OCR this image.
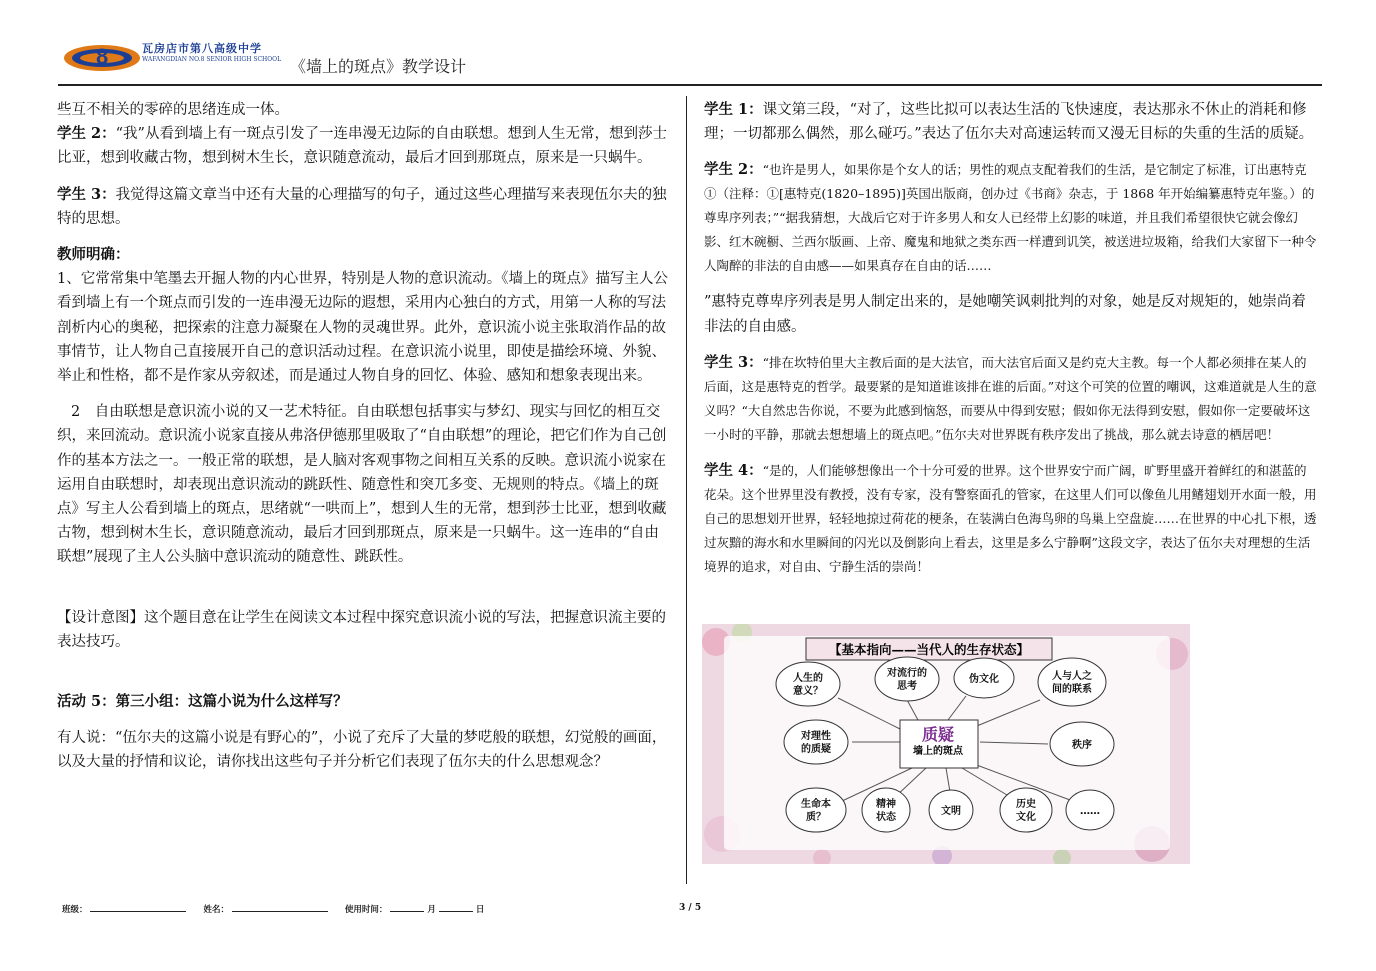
8	瓦房店市第八高级中学
WAFANGDIAN NO.8 SENIOR HIGH SCHOOL 《墙上的斑点》教学设计

些互不相关的零碎的思绪连成一体。

学生 2：“我”从看到墙上有一斑点引发了一连串漫无边际的自由联想。想到人生无常，想到莎士比亚，想到收藏古物，想到树木生长，意识随意流动，最后才回到那斑点，原来是一只蜗牛。

学生 3：我觉得这篇文章当中还有大量的心理描写的句子，通过这些心理描写来表现伍尔夫的独特的思想。

教师明确：

1、它常常集中笔墨去开掘人物的内心世界，特别是人物的意识流动。《墙上的斑点》描写主人公看到墙上有一个斑点而引发的一连串漫无边际的遐想，采用内心独白的方式，用第一人称的写法剖析内心的奥秘，把探索的注意力凝聚在人物的灵魂世界。此外，意识流小说主张取消作品的故事情节，让人物自己直接展开自己的意识活动过程。在意识流小说里，即使是描绘环境、外貌、举止和性格，都不是作家从旁叙述，而是通过人物自身的回忆、体验、感知和想象表现出来。

2　自由联想是意识流小说的又一艺术特征。自由联想包括事实与梦幻、现实与回忆的相互交织，来回流动。意识流小说家直接从弗洛伊德那里吸取了“自由联想”的理论，把它们作为自己创作的基本方法之一。一般正常的联想，是人脑对客观事物之间相互关系的反映。意识流小说家在运用自由联想时，却表现出意识流动的跳跃性、随意性和突兀多变、无规则的特点。《墙上的斑点》写主人公看到墙上的斑点，思绪就“一哄而上”，想到人生的无常，想到莎士比亚，想到收藏古物，想到树木生长，意识随意流动，最后才回到那斑点，原来是一只蜗牛。这一连串的“自由联想”展现了主人公头脑中意识流动的随意性、跳跃性。

【设计意图】这个题目意在让学生在阅读文本过程中探究意识流小说的写法，把握意识流主要的表达技巧。

活动 5：第三小组：这篇小说为什么这样写？

有人说：“伍尔夫的这篇小说是有野心的”，小说了充斥了大量的梦呓般的联想，幻觉般的画面，以及大量的抒情和议论，请你找出这些句子并分析它们表现了伍尔夫的什么思想观念？

学生 1：课文第三段，“对了，这些比拟可以表达生活的飞快速度，表达那永不休止的消耗和修理；一切都那么偶然，那么碰巧。”表达了伍尔夫对高速运转而又漫无目标的失重的生活的质疑。

学生 2：“也许是男人，如果你是个女人的话；男性的观点支配着我们的生活，是它制定了标准，订出惠特克①（注释：①[惠特克(1820–1895)]英国出版商，创办过《书商》杂志，于 1868 年开始编纂惠特克年鉴。）的尊卑序列表；”“据我猜想，大战后它对于许多男人和女人已经带上幻影的味道，并且我们希望很快它就会像幻影、红木碗橱、兰西尔版画、上帝、魔鬼和地狱之类东西一样遭到讥笑，被送进垃圾箱，给我们大家留下一种令人陶醉的非法的自由感——如果真存在自由的话……

”惠特克尊卑序列表是男人制定出来的，是她嘲笑讽刺批判的对象，她是反对规矩的，她崇尚着非法的自由感。

学生 3：“排在坎特伯里大主教后面的是大法官，而大法官后面又是约克大主教。每一个人都必须排在某人的后面，这是惠特克的哲学。最要紧的是知道谁该排在谁的后面。”对这个可笑的位置的嘲讽，这难道就是人生的意义吗？“大自然忠告你说，不要为此感到恼怒，而要从中得到安慰；假如你无法得到安慰，假如你一定要破坏这一小时的平静，那就去想想墙上的斑点吧。”伍尔夫对世界既有秩序发出了挑战，那么就去诗意的栖居吧！

学生 4：“是的，人们能够想像出一个十分可爱的世界。这个世界安宁而广阔，旷野里盛开着鲜红的和湛蓝的花朵。这个世界里没有教授，没有专家，没有警察面孔的管家，在这里人们可以像鱼儿用鳍翅划开水面一般，用自己的思想划开世界，轻轻地掠过荷花的梗条，在装满白色海鸟卵的鸟巢上空盘旋……在世界的中心扎下根，透过灰黯的海水和水里瞬间的闪光以及倒影向上看去，这里是多么宁静啊”这段文字，表达了伍尔夫对理想的生活境界的追求，对自由、宁静生活的崇尚！

【基本指向——当代人的生存状态】
质疑
墙上的斑点
人生的
意义？
对流行的
思考
伪文化	人与人之
间的联系
对理性
的质疑	秩序
生命本
质？
精神
状态
文明
历史
文化
……
班级：	姓名：	使用时间：	月	日	3 / 5
